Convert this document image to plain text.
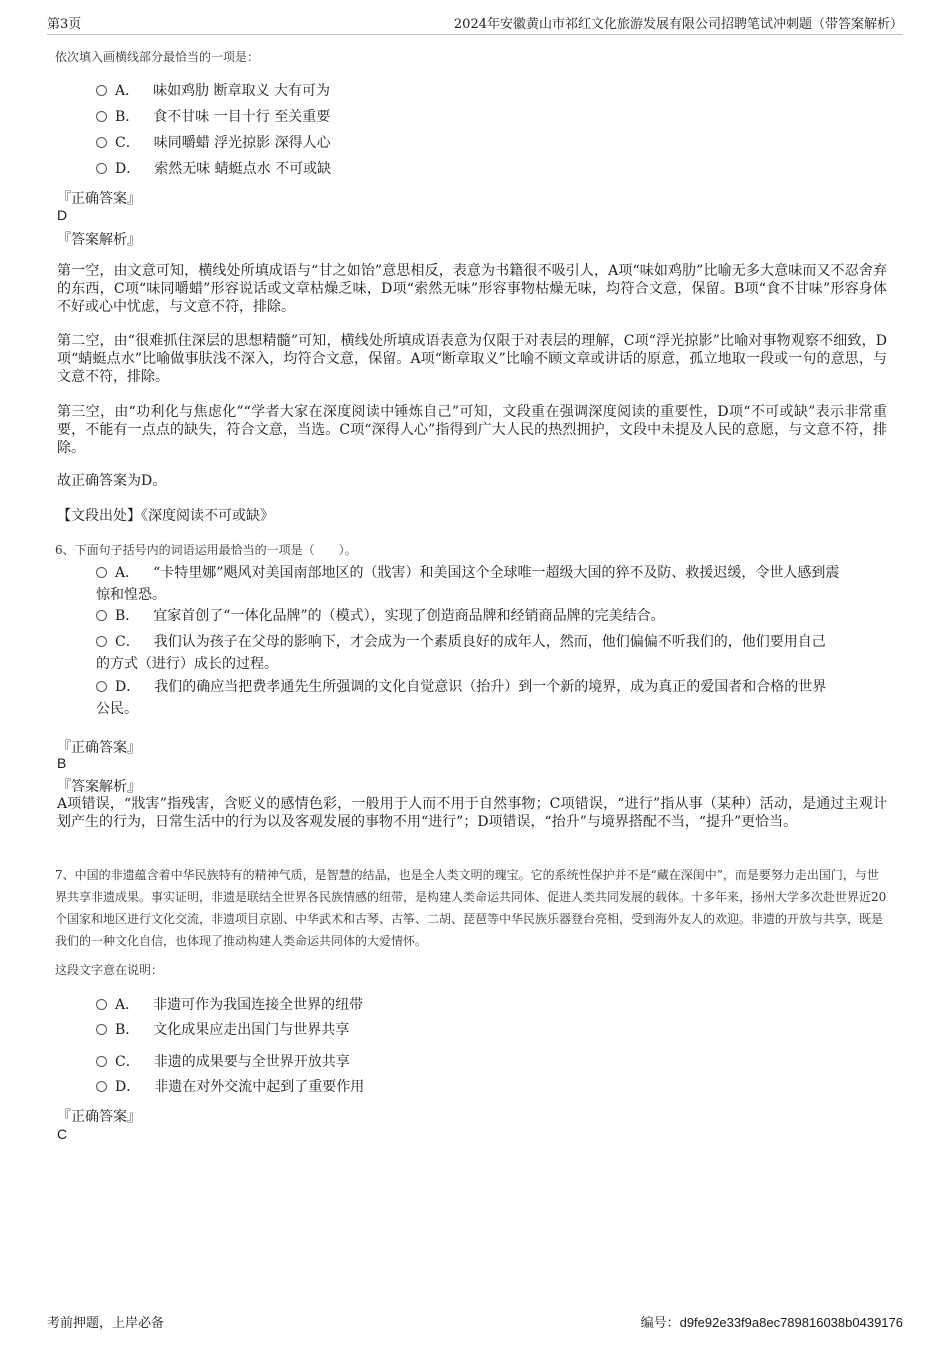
第3页	2024年安徽黄山市祁红文化旅游发展有限公司招聘笔试冲刺题（带答案解析）
依次填入画横线部分最恰当的一项是：
A． 味如鸡肋 断章取义 大有可为
B． 食不甘味 一目十行 至关重要
C． 味同嚼蜡 浮光掠影 深得人心
D． 索然无味 蜻蜓点水 不可或缺
『正确答案』
D
『答案解析』
第一空，由文意可知，横线处所填成语与“甘之如饴”意思相反，表意为书籍很不吸引人，A项“味如鸡肋”比喻无多大意味而又不忍舍弃的东西，C项“味同嚼蜡”形容说话或文章枯燥乏味，D项“索然无味”形容事物枯燥无味，均符合文意，保留。B项“食不甘味”形容身体不好或心中忧虑，与文意不符，排除。
第二空，由“很难抓住深层的思想精髓”可知，横线处所填成语表意为仅限于对表层的理解，C项“浮光掠影”比喻对事物观察不细致，D项“蜻蜓点水”比喻做事肤浅不深入，均符合文意，保留。A项“断章取义”比喻不顾文章或讲话的原意，孤立地取一段或一句的意思，与文意不符，排除。
第三空，由“功利化与焦虑化”“学者大家在深度阅读中锤炼自己”可知，文段重在强调深度阅读的重要性，D项“不可或缺”表示非常重要，不能有一点点的缺失，符合文意，当选。C项“深得人心”指得到广大人民的热烈拥护，文段中未提及人民的意愿，与文意不符，排除。
故正确答案为D。
【文段出处】《深度阅读不可或缺》
6、下面句子括号内的词语运用最恰当的一项是（　　）。
A． “卡特里娜”飓风对美国南部地区的（戕害）和美国这个全球唯一超级大国的猝不及防、救援迟缓，令世人感到震
惊和惶恐。
B． 宜家首创了“一体化品牌”的（模式），实现了创造商品牌和经销商品牌的完美结合。
C． 我们认为孩子在父母的影响下，才会成为一个素质良好的成年人，然而，他们偏偏不听我们的，他们要用自己
的方式（进行）成长的过程。
D． 我们的确应当把费孝通先生所强调的文化自觉意识（抬升）到一个新的境界，成为真正的爱国者和合格的世界
公民。
『正确答案』
B
『答案解析』
A项错误，“戕害”指残害，含贬义的感情色彩，一般用于人而不用于自然事物；C项错误，“进行”指从事（某种）活动，是通过主观计划产生的行为，日常生活中的行为以及客观发展的事物不用“进行”；D项错误，“抬升”与境界搭配不当，“提升”更恰当。
7、中国的非遗蕴含着中华民族特有的精神气质，是智慧的结晶，也是全人类文明的瑰宝。它的系统性保护并不是“藏在深闺中”，而是要努力走出国门，与世界共享非遗成果。事实证明，非遗是联结全世界各民族情感的纽带，是构建人类命运共同体、促进人类共同发展的载体。十多年来，扬州大学多次赴世界近20个国家和地区进行文化交流，非遗项目京剧、中华武术和古琴、古筝、二胡、琵琶等中华民族乐器登台亮相，受到海外友人的欢迎。非遗的开放与共享，既是我们的一种文化自信，也体现了推动构建人类命运共同体的大爱情怀。
这段文字意在说明：
A． 非遗可作为我国连接全世界的纽带
B． 文化成果应走出国门与世界共享
C． 非遗的成果要与全世界开放共享
D． 非遗在对外交流中起到了重要作用
『正确答案』
C
考前押题，上岸必备	编号：d9fe92e33f9a8ec789816038b0439176
